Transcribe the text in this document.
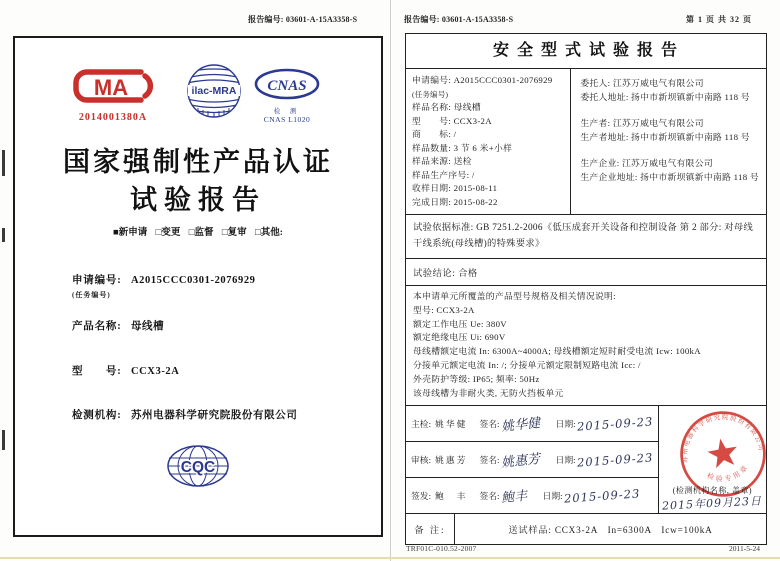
报告编号: 03601-A-15A3358-S
MA
2014001380A
ilac-MRA CNAS
检 测
CNAS L1020
国家强制性产品认证
试验报告
■新申请 □变更 □监督 □复审 □其他:
申请编号: A2015CCC0301-2076929
(任务编号)
产品名称: 母线槽
型　　号: CCX3-2A
检测机构: 苏州电器科学研究院股份有限公司
CQC
报告编号: 03601-A-15A3358-S	第 1 页 共 32 页
安 全 型 式 试 验 报 告
申请编号: A2015CCC0301-2076929
(任务编号)
样品名称: 母线槽
型　　号: CCX3-2A
商　　标: /
样品数量: 3 节 6 米+小样
样品来源: 送检
样品生产序号: /
收样日期: 2015-08-11
完成日期: 2015-08-22
委托人: 江苏万威电气有限公司
委托人地址: 扬中市新坝镇新中南路 118 号
生产者: 江苏万威电气有限公司
生产者地址: 扬中市新坝镇新中南路 118 号
生产企业: 江苏万威电气有限公司
生产企业地址: 扬中市新坝镇新中南路 118 号
试验依据标准: GB 7251.2-2006《低压成套开关设备和控制设备 第 2 部分: 对母线干线系统(母线槽)的特殊要求》
试验结论: 合格
本申请单元所覆盖的产品型号规格及相关情况说明:
型号: CCX3-2A
额定工作电压 Ue: 380V
额定绝缘电压 Ui: 690V
母线槽额定电流 In: 6300A~4000A; 母线槽额定短时耐受电流 Icw: 100kA
分接单元额定电流 In: /; 分接单元额定限制短路电流 Icc: /
外壳防护等级: IP65; 频率: 50Hz
该母线槽为非耐火类, 无防火挡板单元
主检: 姚华健 签名: 姚华健 日期: 2015-09-23
审核: 姚惠芳 签名: 姚惠芳 日期: 2015-09-23
签发: 鲍　丰 签名: 鲍丰 日期: 2015-09-23
苏州电器科学研究院股份有限公司
检验专用章
(检测机构名称, 盖章)
2015年09月23日
备 注:	送试样品: CCX3-2A　In=6300A　Icw=100kA
TRF01C-010.52-2007	2011-5-24
